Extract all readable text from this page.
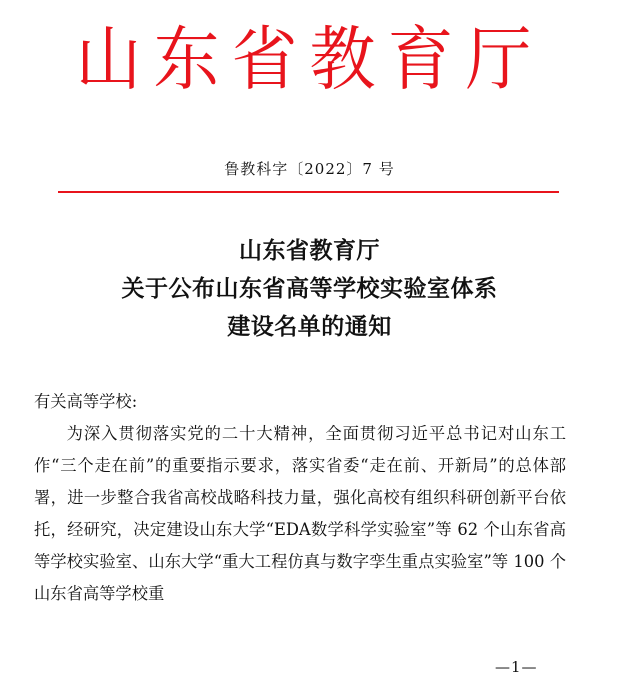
山东省教育厅
鲁教科字〔2022〕7 号
山东省教育厅
关于公布山东省高等学校实验室体系
建设名单的通知
有关高等学校:

为深入贯彻落实党的二十大精神，全面贯彻习近平总书记对山东工作“三个走在前”的重要指示要求，落实省委“走在前、开新局”的总体部署，进一步整合我省高校战略科技力量，强化高校有组织科研创新平台依托，经研究，决定建设山东大学“EDA数学科学实验室”等 62 个山东省高等学校实验室、山东大学“重大工程仿真与数字孪生重点实验室”等 100 个山东省高等学校重

—1—
